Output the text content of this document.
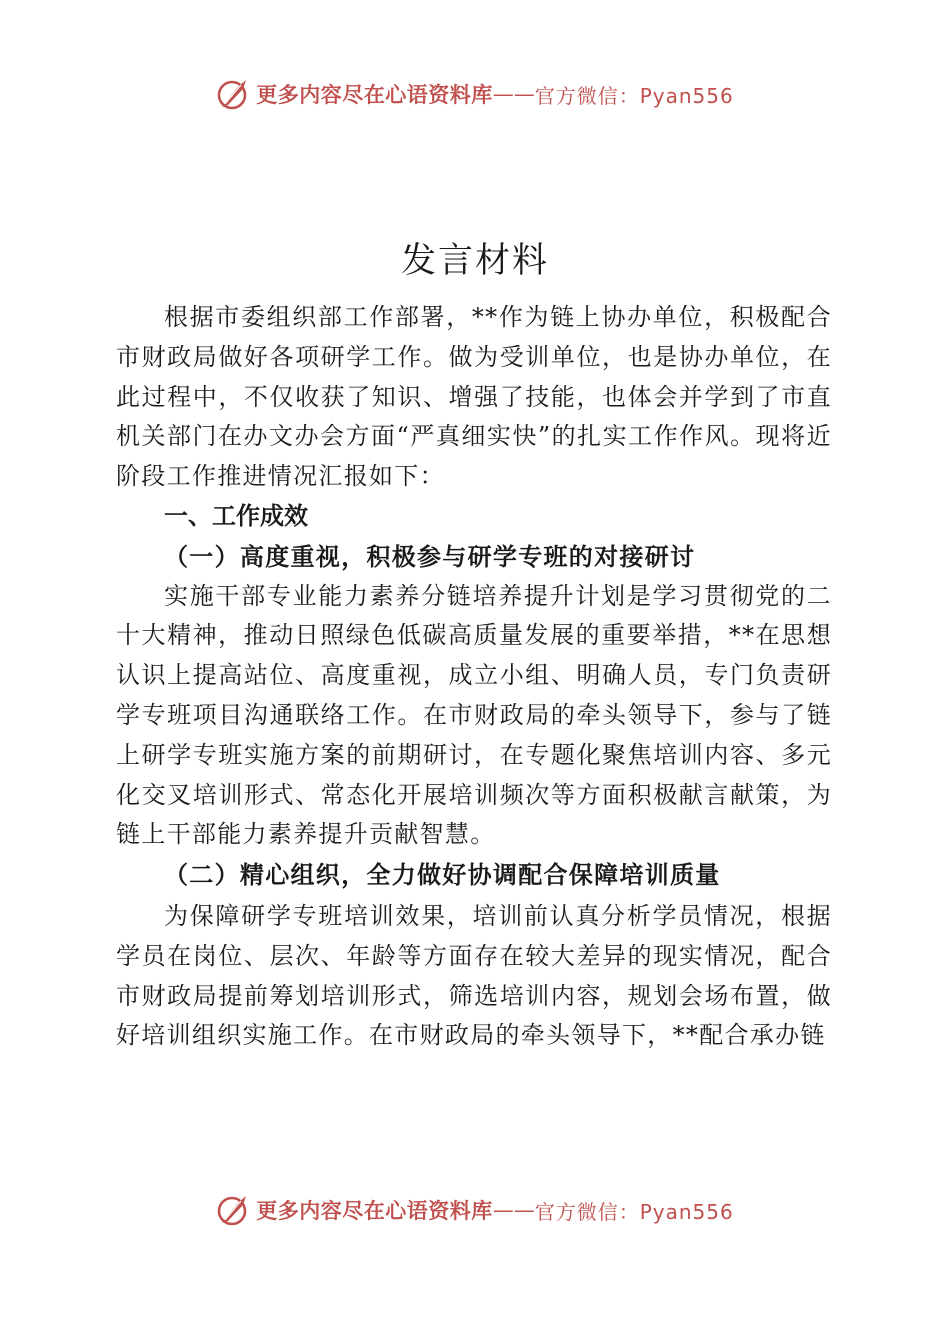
更多内容尽在心语资料库 —— 官方微信：Pyan556
发言材料

根据市委组织部工作部署，**作为链上协办单位，积极配合市财政局做好各项研学工作。做为受训单位，也是协办单位，在此过程中，不仅收获了知识、增强了技能，也体会并学到了市直机关部门在办文办会方面“严真细实快”的扎实工作作风。现将近阶段工作推进情况汇报如下：

一、工作成效
（一）高度重视，积极参与研学专班的对接研讨

实施干部专业能力素养分链培养提升计划是学习贯彻党的二十大精神，推动日照绿色低碳高质量发展的重要举措，**在思想认识上提高站位、高度重视，成立小组、明确人员，专门负责研学专班项目沟通联络工作。在市财政局的牵头领导下，参与了链上研学专班实施方案的前期研讨，在专题化聚焦培训内容、多元化交叉培训形式、常态化开展培训频次等方面积极献言献策，为链上干部能力素养提升贡献智慧。

（二）精心组织，全力做好协调配合保障培训质量

为保障研学专班培训效果，培训前认真分析学员情况，根据学员在岗位、层次、年龄等方面存在较大差异的现实情况，配合市财政局提前筹划培训形式，筛选培训内容，规划会场布置，做好培训组织实施工作。在市财政局的牵头领导下，**配合承办链

更多内容尽在心语资料库 —— 官方微信：Pyan556
